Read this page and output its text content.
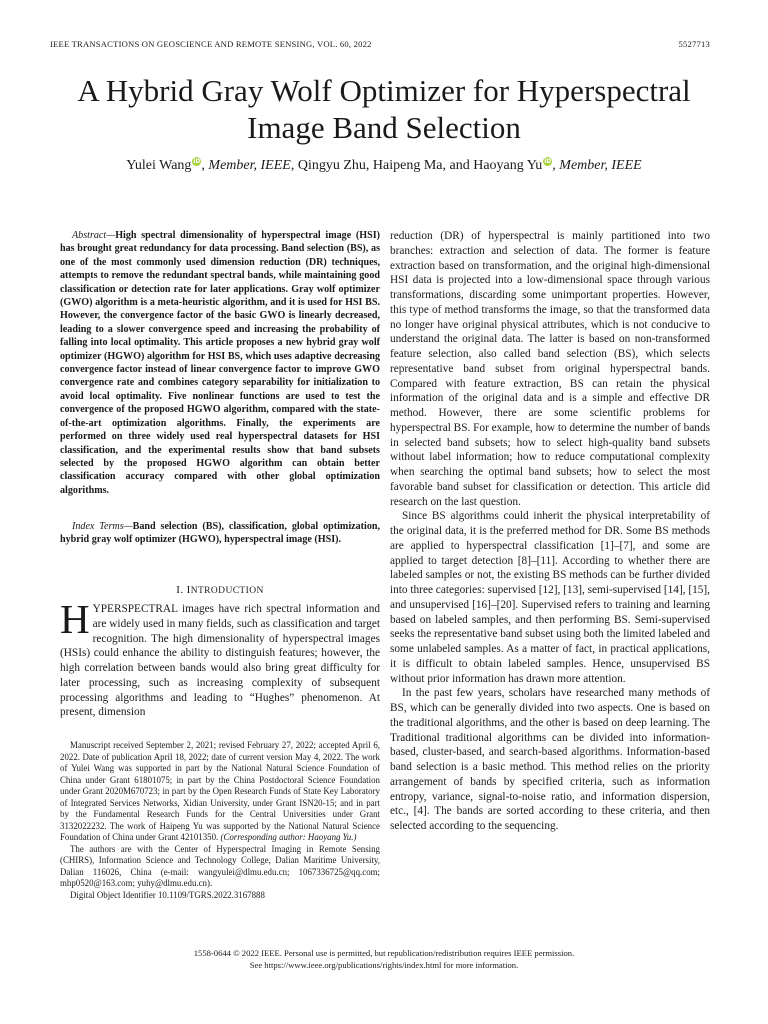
IEEE TRANSACTIONS ON GEOSCIENCE AND REMOTE SENSING, VOL. 60, 2022	5527713
A Hybrid Gray Wolf Optimizer for Hyperspectral
Image Band Selection
Yulei Wang iD, Member, IEEE, Qingyu Zhu, Haipeng Ma, and Haoyang Yu iD, Member, IEEE
Abstract—High spectral dimensionality of hyperspectral image (HSI) has brought great redundancy for data processing. Band selection (BS), as one of the most commonly used dimension reduction (DR) techniques, attempts to remove the redundant spectral bands, while maintaining good classification or detection rate for later applications. Gray wolf optimizer (GWO) algorithm is a meta-heuristic algorithm, and it is used for HSI BS. However, the convergence factor of the basic GWO is linearly decreased, leading to a slower convergence speed and increasing the probability of falling into local optimality. This article proposes a new hybrid gray wolf optimizer (HGWO) algorithm for HSI BS, which uses adaptive decreasing convergence factor instead of linear convergence factor to improve GWO convergence rate and combines category separability for initialization to avoid local optimality. Five nonlinear functions are used to test the convergence of the proposed HGWO algorithm, compared with the state-of-the-art optimization algorithms. Finally, the experiments are performed on three widely used real hyperspectral datasets for HSI classification, and the experimental results show that band subsets selected by the proposed HGWO algorithm can obtain better classification accuracy compared with other global optimization algorithms.
Index Terms—Band selection (BS), classification, global optimization, hybrid gray wolf optimizer (HGWO), hyperspectral image (HSI).
I. INTRODUCTION

HYPERSPECTRAL images have rich spectral information and are widely used in many fields, such as classification and target recognition. The high dimensionality of hyperspectral images (HSIs) could enhance the ability to distinguish features; however, the high correlation between bands would also bring great difficulty for later processing, such as increasing complexity of subsequent processing algorithms and leading to “Hughes” phenomenon. At present, dimension

Manuscript received September 2, 2021; revised February 27, 2022; accepted April 6, 2022. Date of publication April 18, 2022; date of current version May 4, 2022. The work of Yulei Wang was supported in part by the National Natural Science Foundation of China under Grant 61801075; in part by the China Postdoctoral Science Foundation under Grant 2020M670723; in part by the Open Research Funds of State Key Laboratory of Integrated Services Networks, Xidian University, under Grant ISN20-15; and in part by the Fundamental Research Funds for the Central Universities under Grant 3132022232. The work of Haipeng Yu was supported by the National Natural Science Foundation of China under Grant 42101350. (Corresponding author: Haoyang Yu.)

The authors are with the Center of Hyperspectral Imaging in Remote Sensing (CHIRS), Information Science and Technology College, Dalian Maritime University, Dalian 116026, China (e-mail: wangyulei@dlmu.edu.cn; 1067336725@qq.com; mhp0520@163.com; yuhy@dlmu.edu.cn).

Digital Object Identifier 10.1109/TGRS.2022.3167888

reduction (DR) of hyperspectral is mainly partitioned into two branches: extraction and selection of data. The former is feature extraction based on transformation, and the original high-dimensional HSI data is projected into a low-dimensional space through various transformations, discarding some unimportant properties. However, this type of method transforms the image, so that the transformed data no longer have original physical attributes, which is not conducive to understand the original data. The latter is based on non-transformed feature selection, also called band selection (BS), which selects representative band subset from original hyperspectral bands. Compared with feature extraction, BS can retain the physical information of the original data and is a simple and effective DR method. However, there are some scientific problems for hyperspectral BS. For example, how to determine the number of bands in selected band subsets; how to select high-quality band subsets without label information; how to reduce computational complexity when searching the optimal band subsets; how to select the most favorable band subset for classification or detection. This article did research on the last question.

Since BS algorithms could inherit the physical interpretability of the original data, it is the preferred method for DR. Some BS methods are applied to hyperspectral classification [1]–[7], and some are applied to target detection [8]–[11]. According to whether there are labeled samples or not, the existing BS methods can be further divided into three categories: supervised [12], [13], semi-supervised [14], [15], and unsupervised [16]–[20]. Supervised refers to training and learning based on labeled samples, and then performing BS. Semi-supervised seeks the representative band subset using both the limited labeled and some unlabeled samples. As a matter of fact, in practical applications, it is difficult to obtain labeled samples. Hence, unsupervised BS without prior information has drawn more attention.

In the past few years, scholars have researched many methods of BS, which can be generally divided into two aspects. One is based on the traditional algorithms, and the other is based on deep learning. The Traditional traditional algorithms can be divided into information-based, cluster-based, and search-based algorithms. Information-based band selection is a basic method. This method relies on the priority arrangement of bands by specified criteria, such as information entropy, variance, signal-to-noise ratio, and information dispersion, etc., [4]. The bands are sorted according to these criteria, and then selected according to the sequencing.

1558-0644 © 2022 IEEE. Personal use is permitted, but republication/redistribution requires IEEE permission.
See https://www.ieee.org/publications/rights/index.html for more information.
